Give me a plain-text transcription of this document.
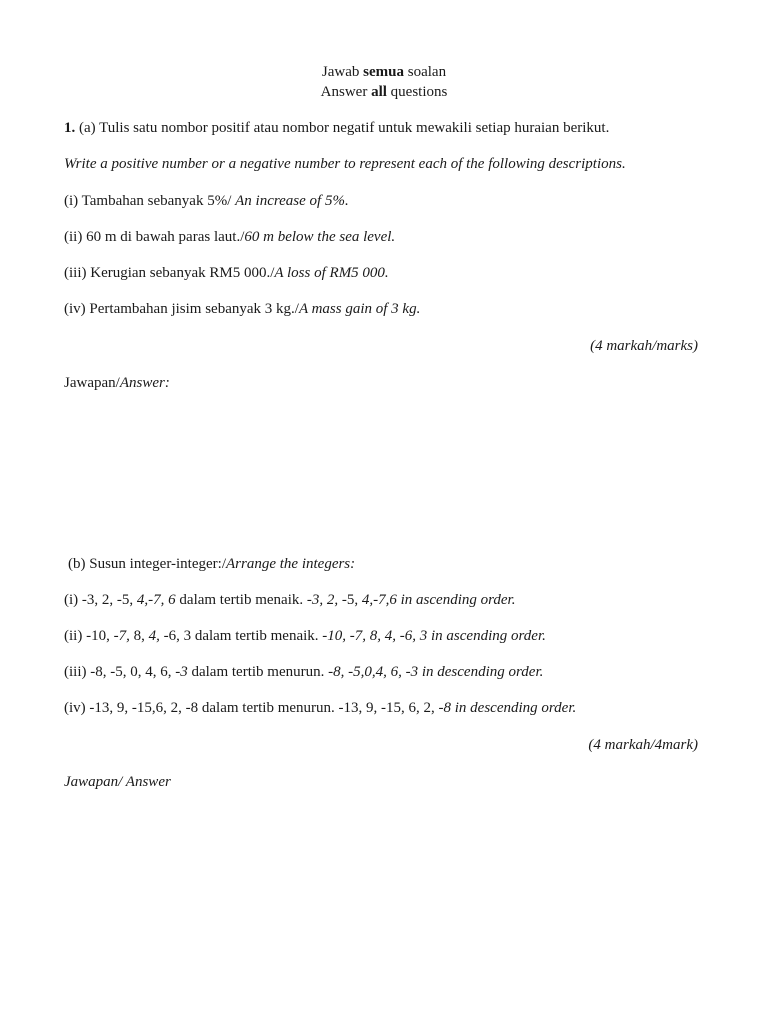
Jawab semua soalan
Answer all questions
1. (a) Tulis satu nombor positif atau nombor negatif untuk mewakili setiap huraian berikut.
Write a positive number or a negative number to represent each of the following descriptions.
(i) Tambahan sebanyak 5%/ An increase of 5%.
(ii) 60 m di bawah paras laut./60 m below the sea level.
(iii) Kerugian sebanyak RM5 000./A loss of RM5 000.
(iv) Pertambahan jisim sebanyak 3 kg./A mass gain of 3 kg.
(4 markah/marks)
Jawapan/Answer:
(b) Susun integer-integer:/Arrange the integers:
(i) -3, 2, -5, 4,-7, 6 dalam tertib menaik. -3, 2, -5, 4,-7,6 in ascending order.
(ii) -10, -7, 8, 4, -6, 3 dalam tertib menaik. -10, -7, 8, 4, -6, 3 in ascending order.
(iii) -8, -5, 0, 4, 6, -3 dalam tertib menurun. -8, -5,0,4, 6, -3 in descending order.
(iv) -13, 9, -15,6, 2, -8 dalam tertib menurun. -13, 9, -15, 6, 2, -8 in descending order.
(4 markah/4mark)
Jawapan/ Answer
